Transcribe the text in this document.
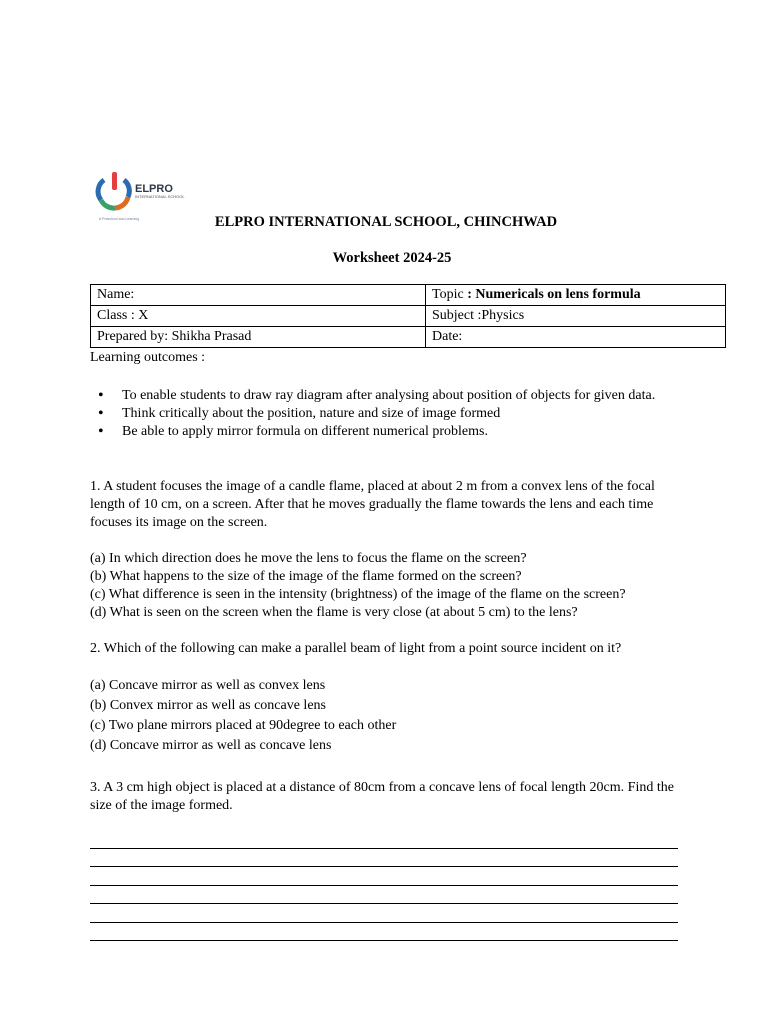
ELPRO
INTERNATIONAL SCHOOL
A Preschool and Learning	ELPRO INTERNATIONAL SCHOOL, CHINCHWAD
Worksheet 2024-25
Name:	Topic : Numericals on lens formula
Class : X	Subject :Physics
Prepared by: Shikha Prasad	Date:
Learning outcomes :
• To enable students to draw ray diagram after analysing about position of objects for given data.
• Think critically about the position, nature and size of image formed
• Be able to apply mirror formula on different numerical problems.
1. A student focuses the image of a candle flame, placed at about 2 m from a convex lens of the focal length of 10 cm, on a screen. After that he moves gradually the flame towards the lens and each time focuses its image on the screen.
(a) In which direction does he move the lens to focus the flame on the screen?
(b) What happens to the size of the image of the flame formed on the screen?
(c) What difference is seen in the intensity (brightness) of the image of the flame on the screen?
(d) What is seen on the screen when the flame is very close (at about 5 cm) to the lens?
2. Which of the following can make a parallel beam of light from a point source incident on it?
(a) Concave mirror as well as convex lens
(b) Convex mirror as well as concave lens
(c) Two plane mirrors placed at 90degree to each other
(d) Concave mirror as well as concave lens
3. A 3 cm high object is placed at a distance of 80cm from a concave lens of focal length 20cm. Find the size of the image formed.
